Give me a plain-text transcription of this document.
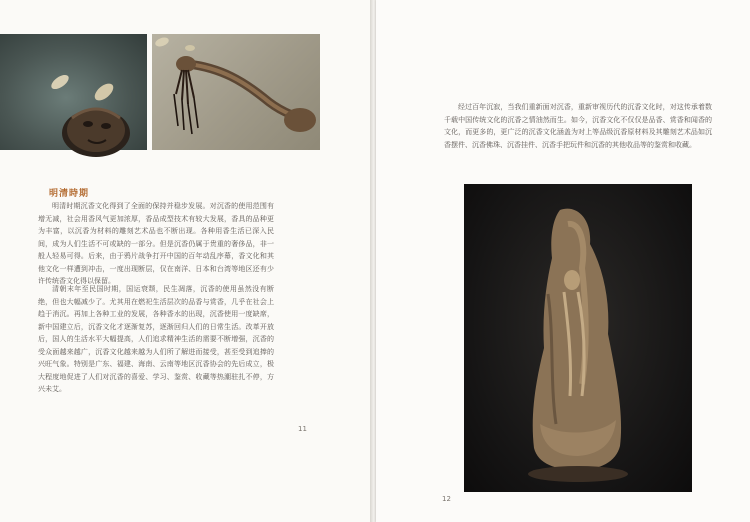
明清時期

明清时期沉香文化得到了全面的保持并稳步发展。对沉香的使用范围有增无减，社会用香风气更加浓厚，香品成型技术有较大发展，香具的品种更为丰富，以沉香为材料的雕刻艺术品也不断出现。各种用香生活已深入民间，成为人们生活不可或缺的一部分。但是沉香仍属于贵重的奢侈品，非一般人轻易可得。后来，由于鸦片战争打开中国的百年动乱序幕，香文化和其他文化一样遭到冲击，一度出现断层，仅在南洋、日本和台湾等地区还有少许传统香文化得以保留。

清朝末年至民国时期，国运衰颓，民生凋落，沉香的使用虽然没有断绝，但也大幅减少了。尤其用在燃祀生活层次的品香与赏香，几乎在社会上趋于消沉。再加上各种工业的发展，各种香水的出现，沉香使用一度缺席，新中国建立后，沉香文化才逐渐复苏，逐渐回归人们的日常生活。改革开放后，国人的生活水平大幅提高，人们追求精神生活的需要不断增强，沉香的受众面越来越广，沉香文化越来越为人们所了解进而接受，甚至受到追捧的兴旺气象。特别是广东、福建、海南、云南等地区沉香协会的先后成立，极大程度地促进了人们对沉香的喜爱、学习、鉴赏、收藏等热潮驻扎不停，方兴未艾。

11

经过百年沉寂，当我们重新面对沉香，重新审视历代的沉香文化时，对这传承着数千载中国传统文化的沉香之情油然而生。如今，沉香文化不仅仅是品香、赏香和闻香的文化，而更多的，更广泛的沉香文化涵盖为对上等品级沉香原材料及其雕刻艺术品如沉香摆件、沉香佛珠、沉香挂件、沉香手把玩件和沉香的其他收品等的鉴赏和收藏。

12
